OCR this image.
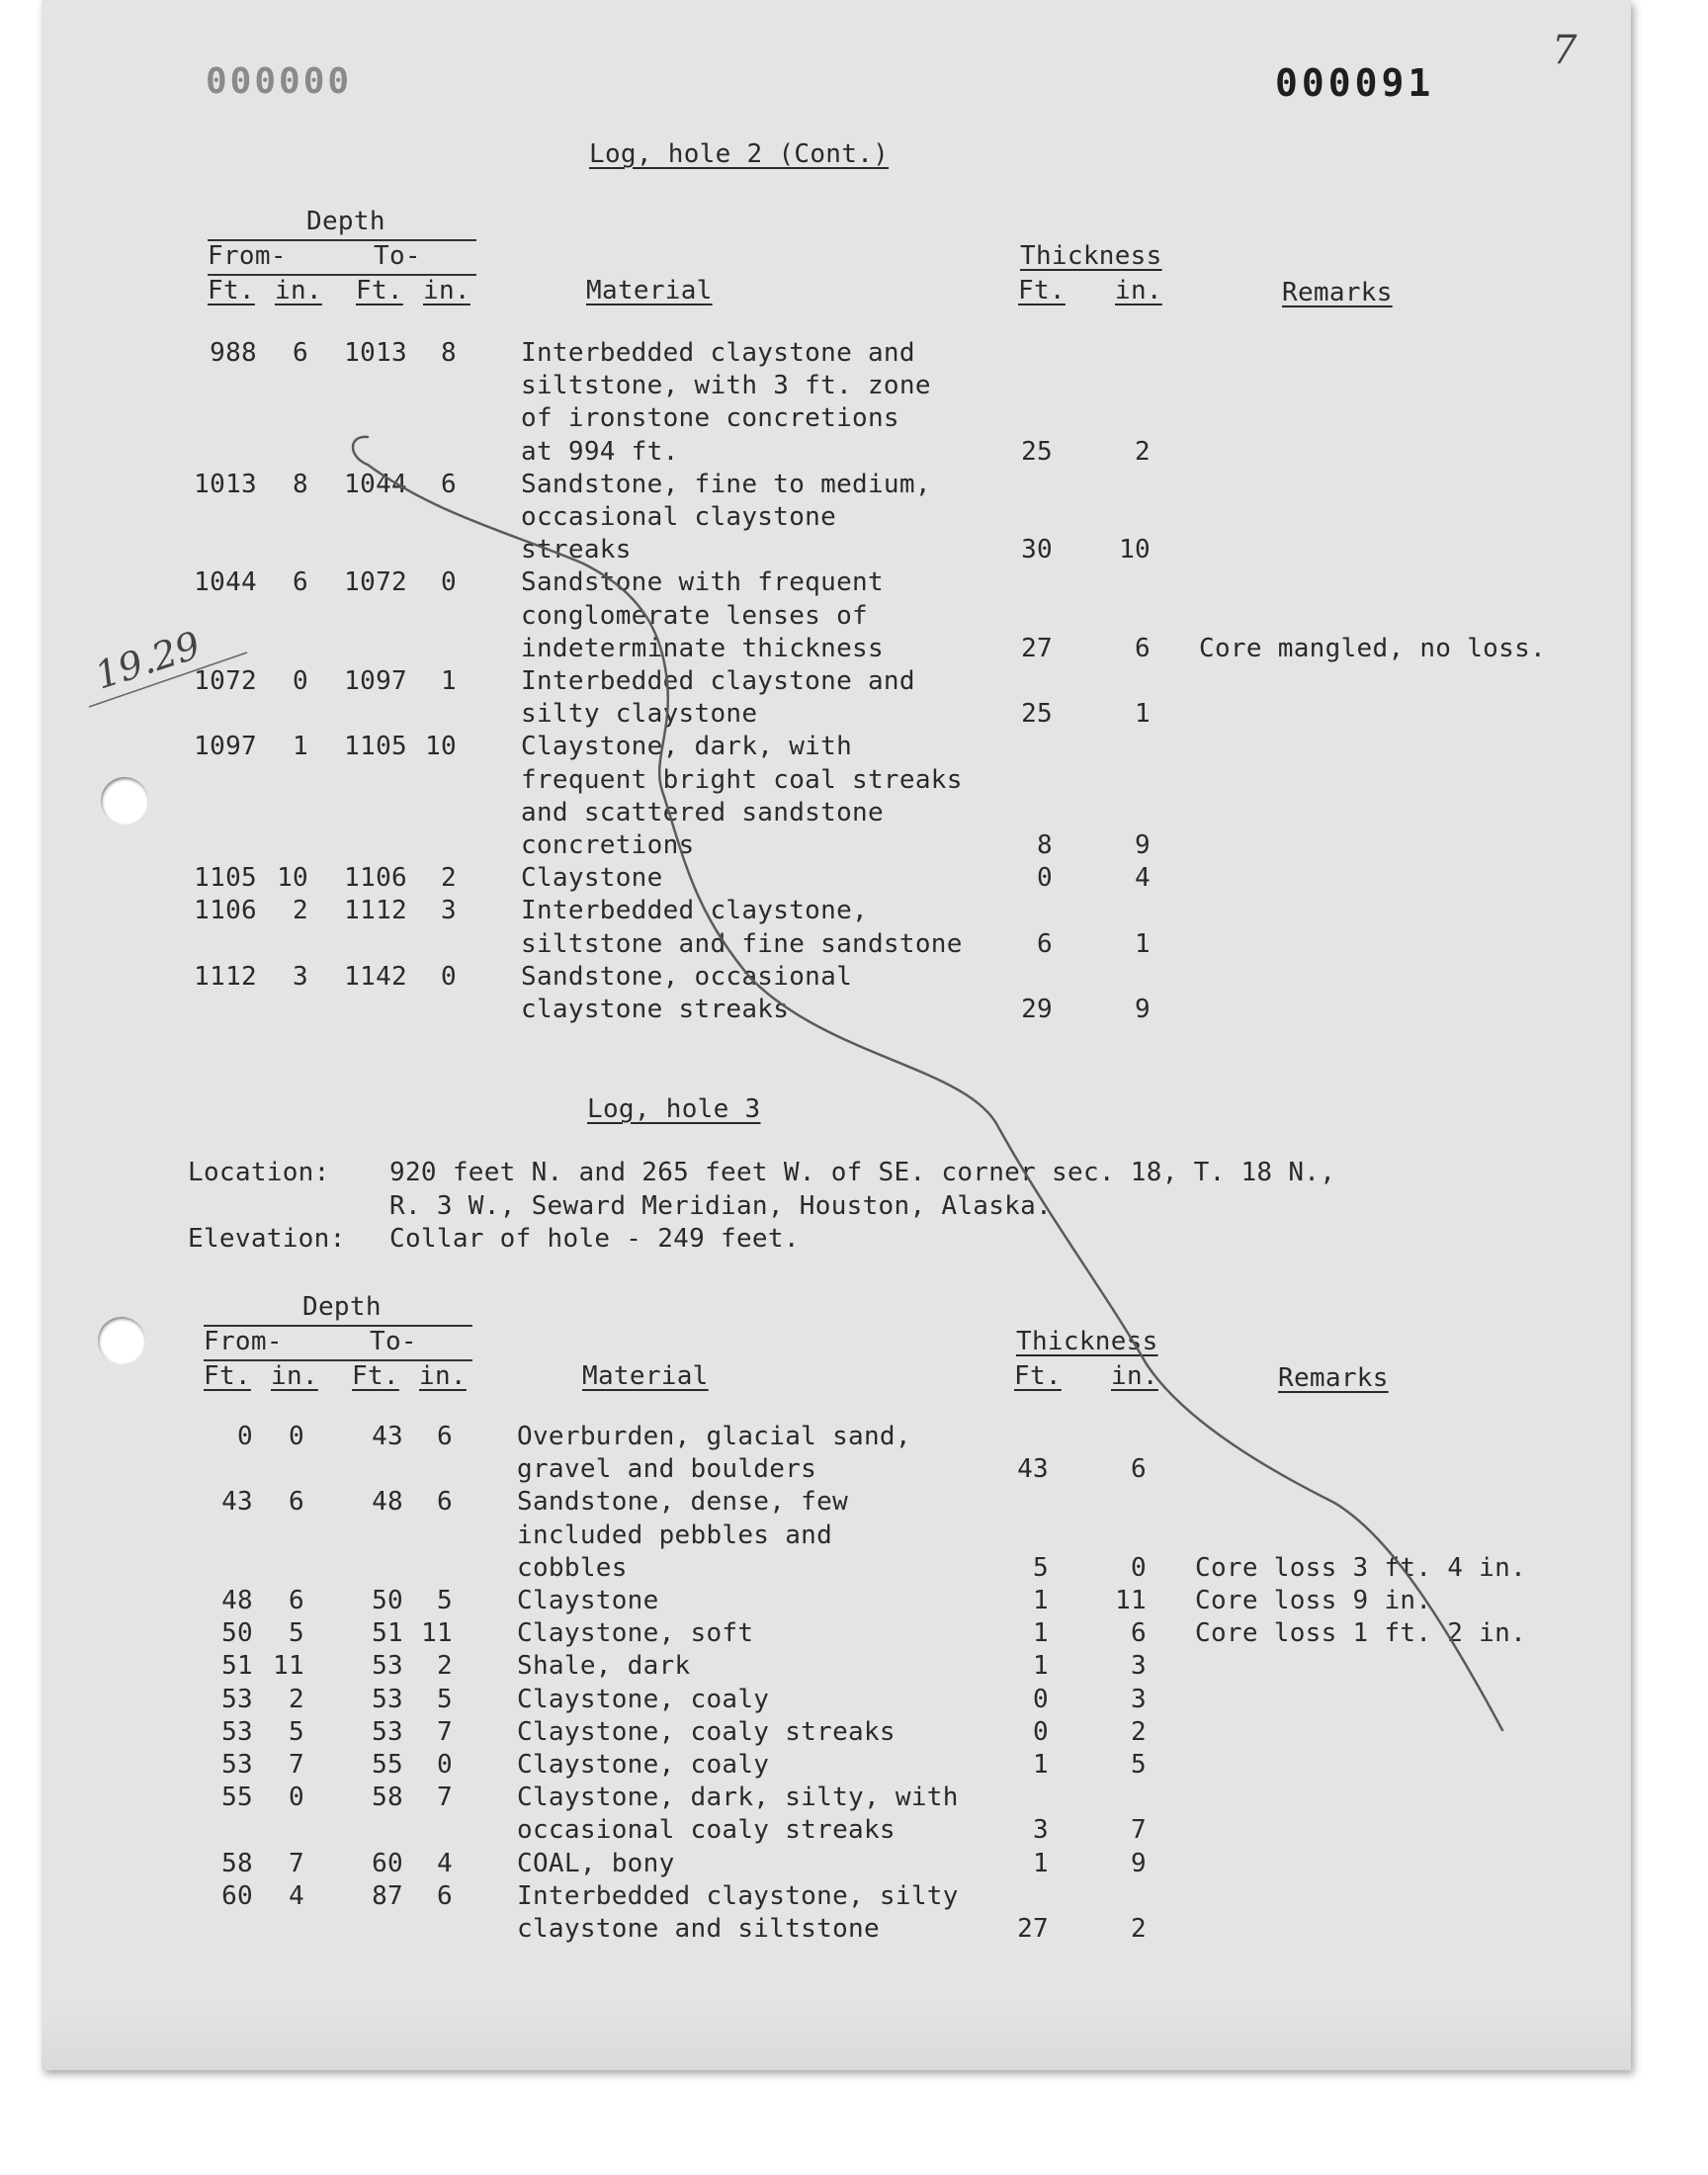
000000	000091
7
19.29
Log, hole 2 (Cont.)
Depth
From-	To-
Ft. in. Ft. in.	Material
Thickness
Ft. in.	Remarks
988	6	1013	8	Interbedded claystone and
siltstone, with 3 ft. zone
of ironstone concretions
at 994 ft.	25	2
1013	8	1044	6	Sandstone, fine to medium,
occasional claystone
streaks	30	10
1044	6	1072	0	Sandstone with frequent
conglomerate lenses of
indeterminate thickness	27	6 Core mangled, no loss.
1072	0	1097	1	Interbedded claystone and
silty claystone	25	1
1097	1	1105 10	Claystone, dark, with
frequent bright coal streaks
and scattered sandstone
concretions	8	9
1105 10	1106	2	Claystone	0	4
1106	2	1112	3	Interbedded claystone,
siltstone and fine sandstone	6	1
1112	3	1142	0	Sandstone, occasional
claystone streaks	29	9
Log, hole 3
Location: 920 feet N. and 265 feet W. of SE. corner sec. 18, T. 18 N.,
R. 3 W., Seward Meridian, Houston, Alaska.
Elevation: Collar of hole - 249 feet.
Depth
From-	To-
Ft. in. Ft. in.	Material
Thickness
Ft. in.	Remarks
0	0	43	6	Overburden, glacial sand,
gravel and boulders	43	6
43	6	48	6	Sandstone, dense, few
included pebbles and
cobbles	5	0 Core loss 3 ft. 4 in.
48	6	50	5	Claystone	1	11 Core loss 9 in.
50	5	51 11	Claystone, soft	1	6 Core loss 1 ft. 2 in.
51 11	53	2	Shale, dark	1	3
53	2	53	5	Claystone, coaly	0	3
53	5	53	7	Claystone, coaly streaks	0	2
53	7	55	0	Claystone, coaly	1	5
55	0	58	7	Claystone, dark, silty, with
occasional coaly streaks	3	7
58	7	60	4	COAL, bony	1	9
60	4	87	6	Interbedded claystone, silty
claystone and siltstone	27	2
